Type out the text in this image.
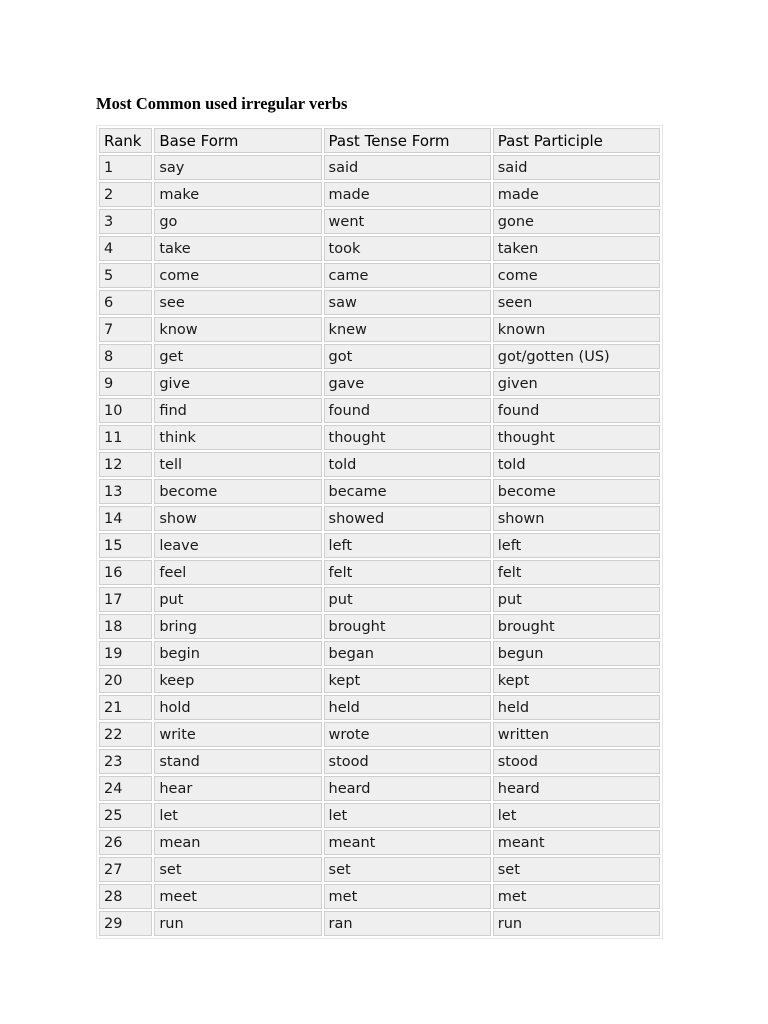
Most Common used irregular verbs
Rank	Base Form	Past Tense Form	Past Participle
1	say	said	said
2	make	made	made
3	go	went	gone
4	take	took	taken
5	come	came	come
6	see	saw	seen
7	know	knew	known
8	get	got	got/gotten (US)
9	give	gave	given
10	find	found	found
11	think	thought	thought
12	tell	told	told
13	become	became	become
14	show	showed	shown
15	leave	left	left
16	feel	felt	felt
17	put	put	put
18	bring	brought	brought
19	begin	began	begun
20	keep	kept	kept
21	hold	held	held
22	write	wrote	written
23	stand	stood	stood
24	hear	heard	heard
25	let	let	let
26	mean	meant	meant
27	set	set	set
28	meet	met	met
29	run	ran	run
